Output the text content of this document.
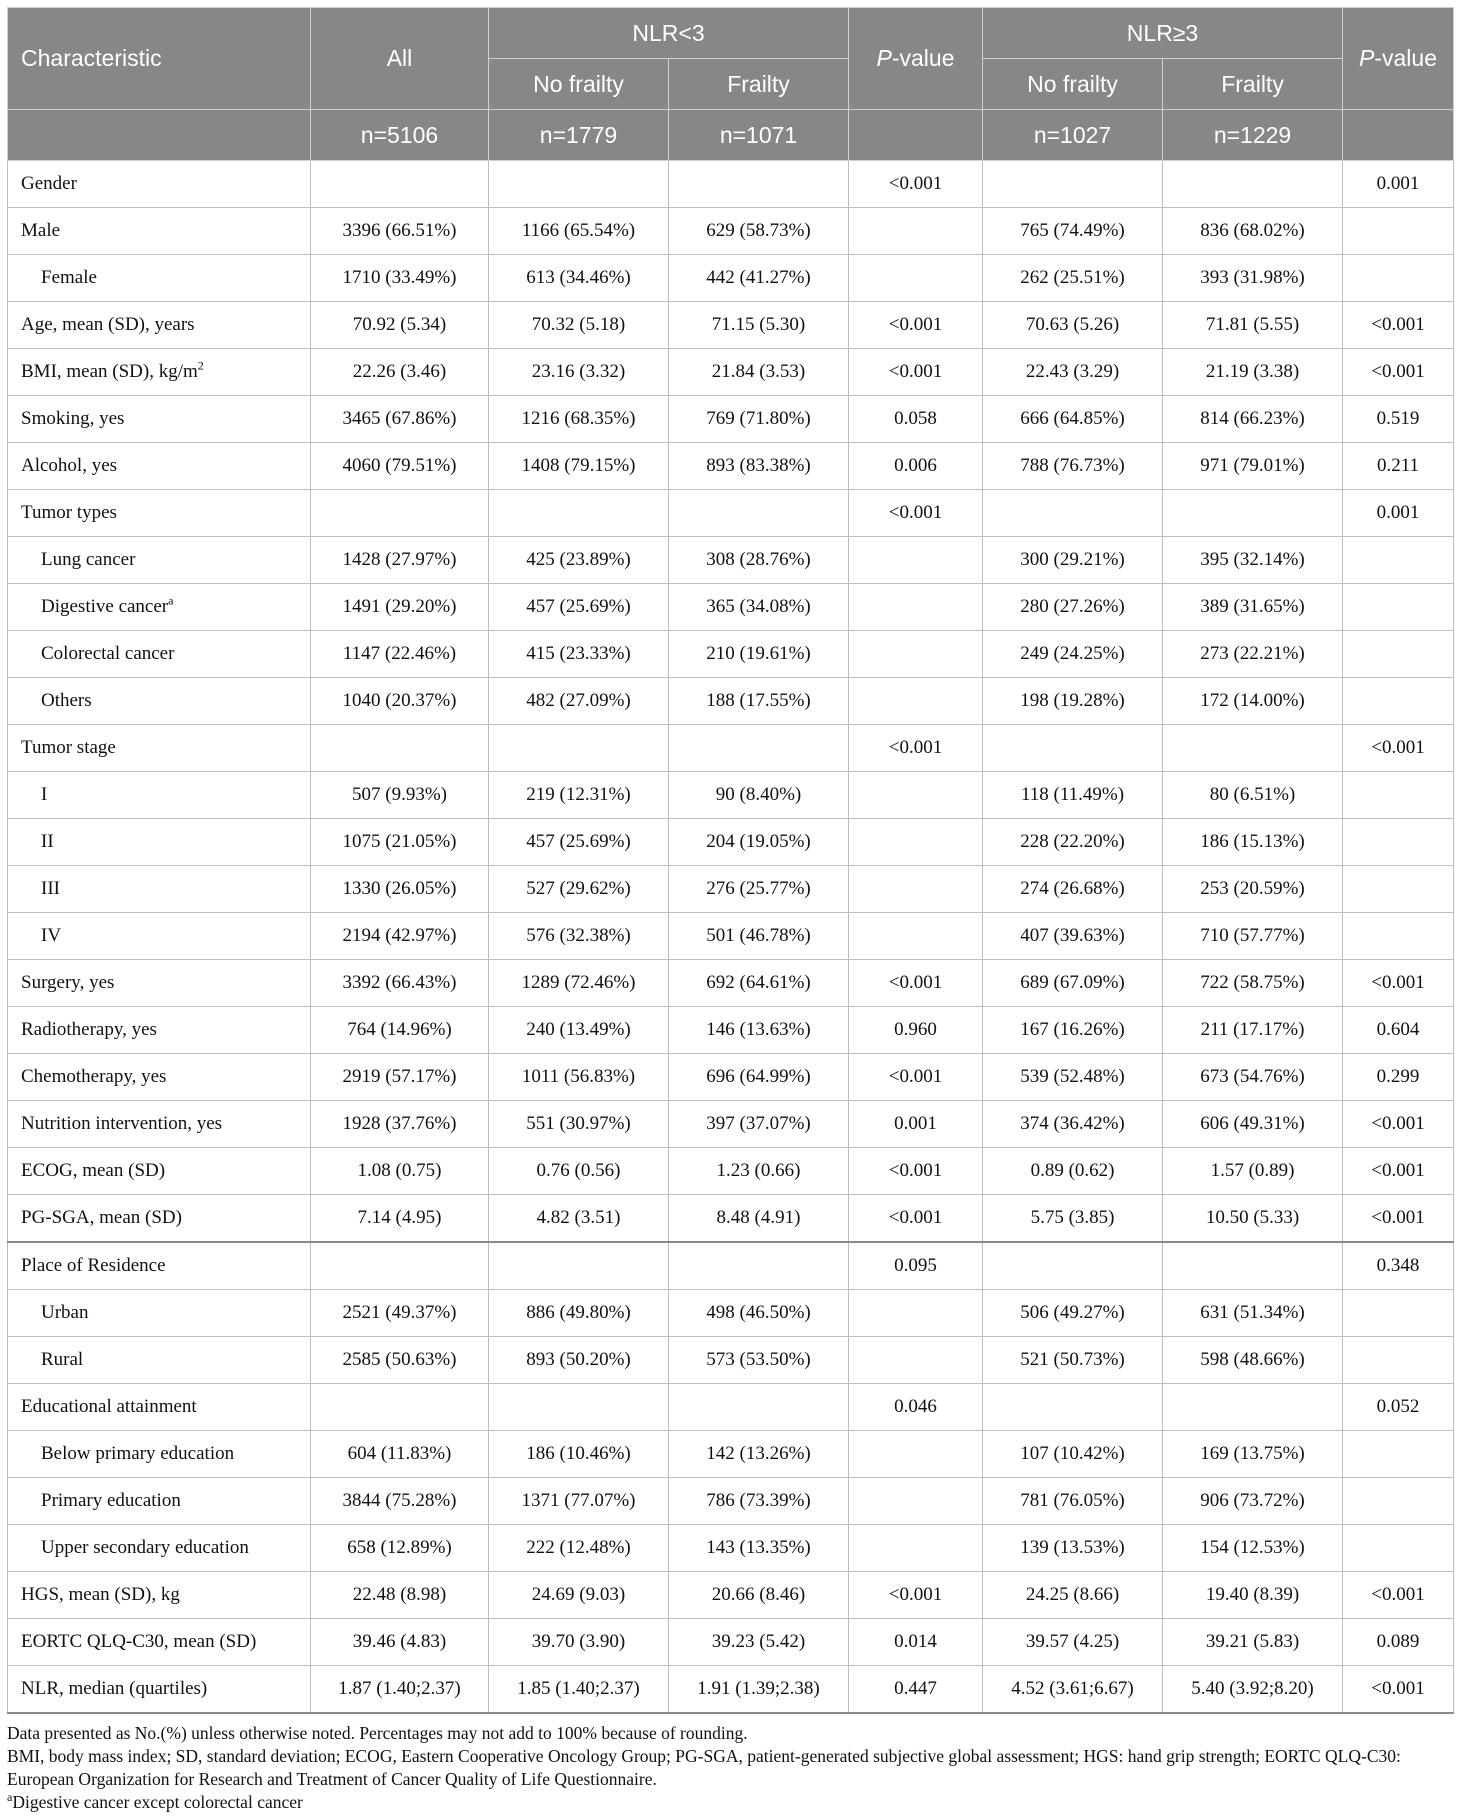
Characteristic	All	NLR<3		P-value	NLR≥3		P-value
		No frailty	Frailty		No frailty	Frailty	
	n=5106	n=1779	n=1071		n=1027	n=1229	
Gender				<0.001			0.001
Male	3396 (66.51%)	1166 (65.54%)	629 (58.73%)		765 (74.49%)	836 (68.02%)	
Female	1710 (33.49%)	613 (34.46%)	442 (41.27%)		262 (25.51%)	393 (31.98%)	
Age, mean (SD), years	70.92 (5.34)	70.32 (5.18)	71.15 (5.30)	<0.001	70.63 (5.26)	71.81 (5.55)	<0.001
BMI, mean (SD), $kg/m^2$	22.26 (3.46)	23.16 (3.32)	21.84 (3.53)	<0.001	22.43 (3.29)	21.19 (3.38)	<0.001
Smoking, yes	3465 (67.86%)	1216 (68.35%)	769 (71.80%)	0.058	666 (64.85%)	814 (66.23%)	0.519
Alcohol, yes	4060 (79.51%)	1408 (79.15%)	893 (83.38%)	0.006	788 (76.73%)	971 (79.01%)	0.211
Tumor types				<0.001			0.001
Lung cancer	1428 (27.97%)	425 (23.89%)	308 (28.76%)		300 (29.21%)	395 (32.14%)	
Digestive cancer$^a$	1491 (29.20%)	457 (25.69%)	365 (34.08%)		280 (27.26%)	389 (31.65%)	
Colorectal cancer	1147 (22.46%)	415 (23.33%)	210 (19.61%)		249 (24.25%)	273 (22.21%)	
Others	1040 (20.37%)	482 (27.09%)	188 (17.55%)		198 (19.28%)	172 (14.00%)	
Tumor stage				<0.001			<0.001
I	507 (9.93%)	219 (12.31%)	90 (8.40%)		118 (11.49%)	80 (6.51%)	
II	1075 (21.05%)	457 (25.69%)	204 (19.05%)		228 (22.20%)	186 (15.13%)	
III	1330 (26.05%)	527 (29.62%)	276 (25.77%)		274 (26.68%)	253 (20.59%)	
IV	2194 (42.97%)	576 (32.38%)	501 (46.78%)		407 (39.63%)	710 (57.77%)	
Surgery, yes	3392 (66.43%)	1289 (72.46%)	692 (64.61%)	<0.001	689 (67.09%)	722 (58.75%)	<0.001
Radiotherapy, yes	764 (14.96%)	240 (13.49%)	146 (13.63%)	0.960	167 (16.26%)	211 (17.17%)	0.604
Chemotherapy, yes	2919 (57.17%)	1011 (56.83%)	696 (64.99%)	<0.001	539 (52.48%)	673 (54.76%)	0.299
Nutrition intervention, yes	1928 (37.76%)	551 (30.97%)	397 (37.07%)	0.001	374 (36.42%)	606 (49.31%)	<0.001
ECOG, mean (SD)	1.08 (0.75)	0.76 (0.56)	1.23 (0.66)	<0.001	0.89 (0.62)	1.57 (0.89)	<0.001
PG-SGA, mean (SD)	7.14 (4.95)	4.82 (3.51)	8.48 (4.91)	<0.001	5.75 (3.85)	10.50 (5.33)	<0.001
Place of Residence				0.095			0.348
Urban	2521 (49.37%)	886 (49.80%)	498 (46.50%)		506 (49.27%)	631 (51.34%)	
Rural	2585 (50.63%)	893 (50.20%)	573 (53.50%)		521 (50.73%)	598 (48.66%)	
Educational attainment				0.046			0.052
Below primary education	604 (11.83%)	186 (10.46%)	142 (13.26%)		107 (10.42%)	169 (13.75%)	
Primary education	3844 (75.28%)	1371 (77.07%)	786 (73.39%)		781 (76.05%)	906 (73.72%)	
Upper secondary education	658 (12.89%)	222 (12.48%)	143 (13.35%)		139 (13.53%)	154 (12.53%)	
HGS, mean (SD), kg	22.48 (8.98)	24.69 (9.03)	20.66 (8.46)	<0.001	24.25 (8.66)	19.40 (8.39)	<0.001
EORTC QLQ-C30, mean (SD)	39.46 (4.83)	39.70 (3.90)	39.23 (5.42)	0.014	39.57 (4.25)	39.21 (5.83)	0.089
NLR, median (quartiles)	1.87 (1.40;2.37)	1.85 (1.40;2.37)	1.91 (1.39;2.38)	0.447	4.52 (3.61;6.67)	5.40 (3.92;8.20)	<0.001

Data presented as No.(%) unless otherwise noted. Percentages may not add to 100% because of rounding.

BMI, body mass index; SD, standard deviation; ECOG, Eastern Cooperative Oncology Group; PG-SGA, patient-generated subjective global assessment; HGS: hand grip strength; EORTC QLQ-C30: European Organization for Research and Treatment of Cancer Quality of Life Questionnaire.

$^a$Digestive cancer except colorectal cancer
